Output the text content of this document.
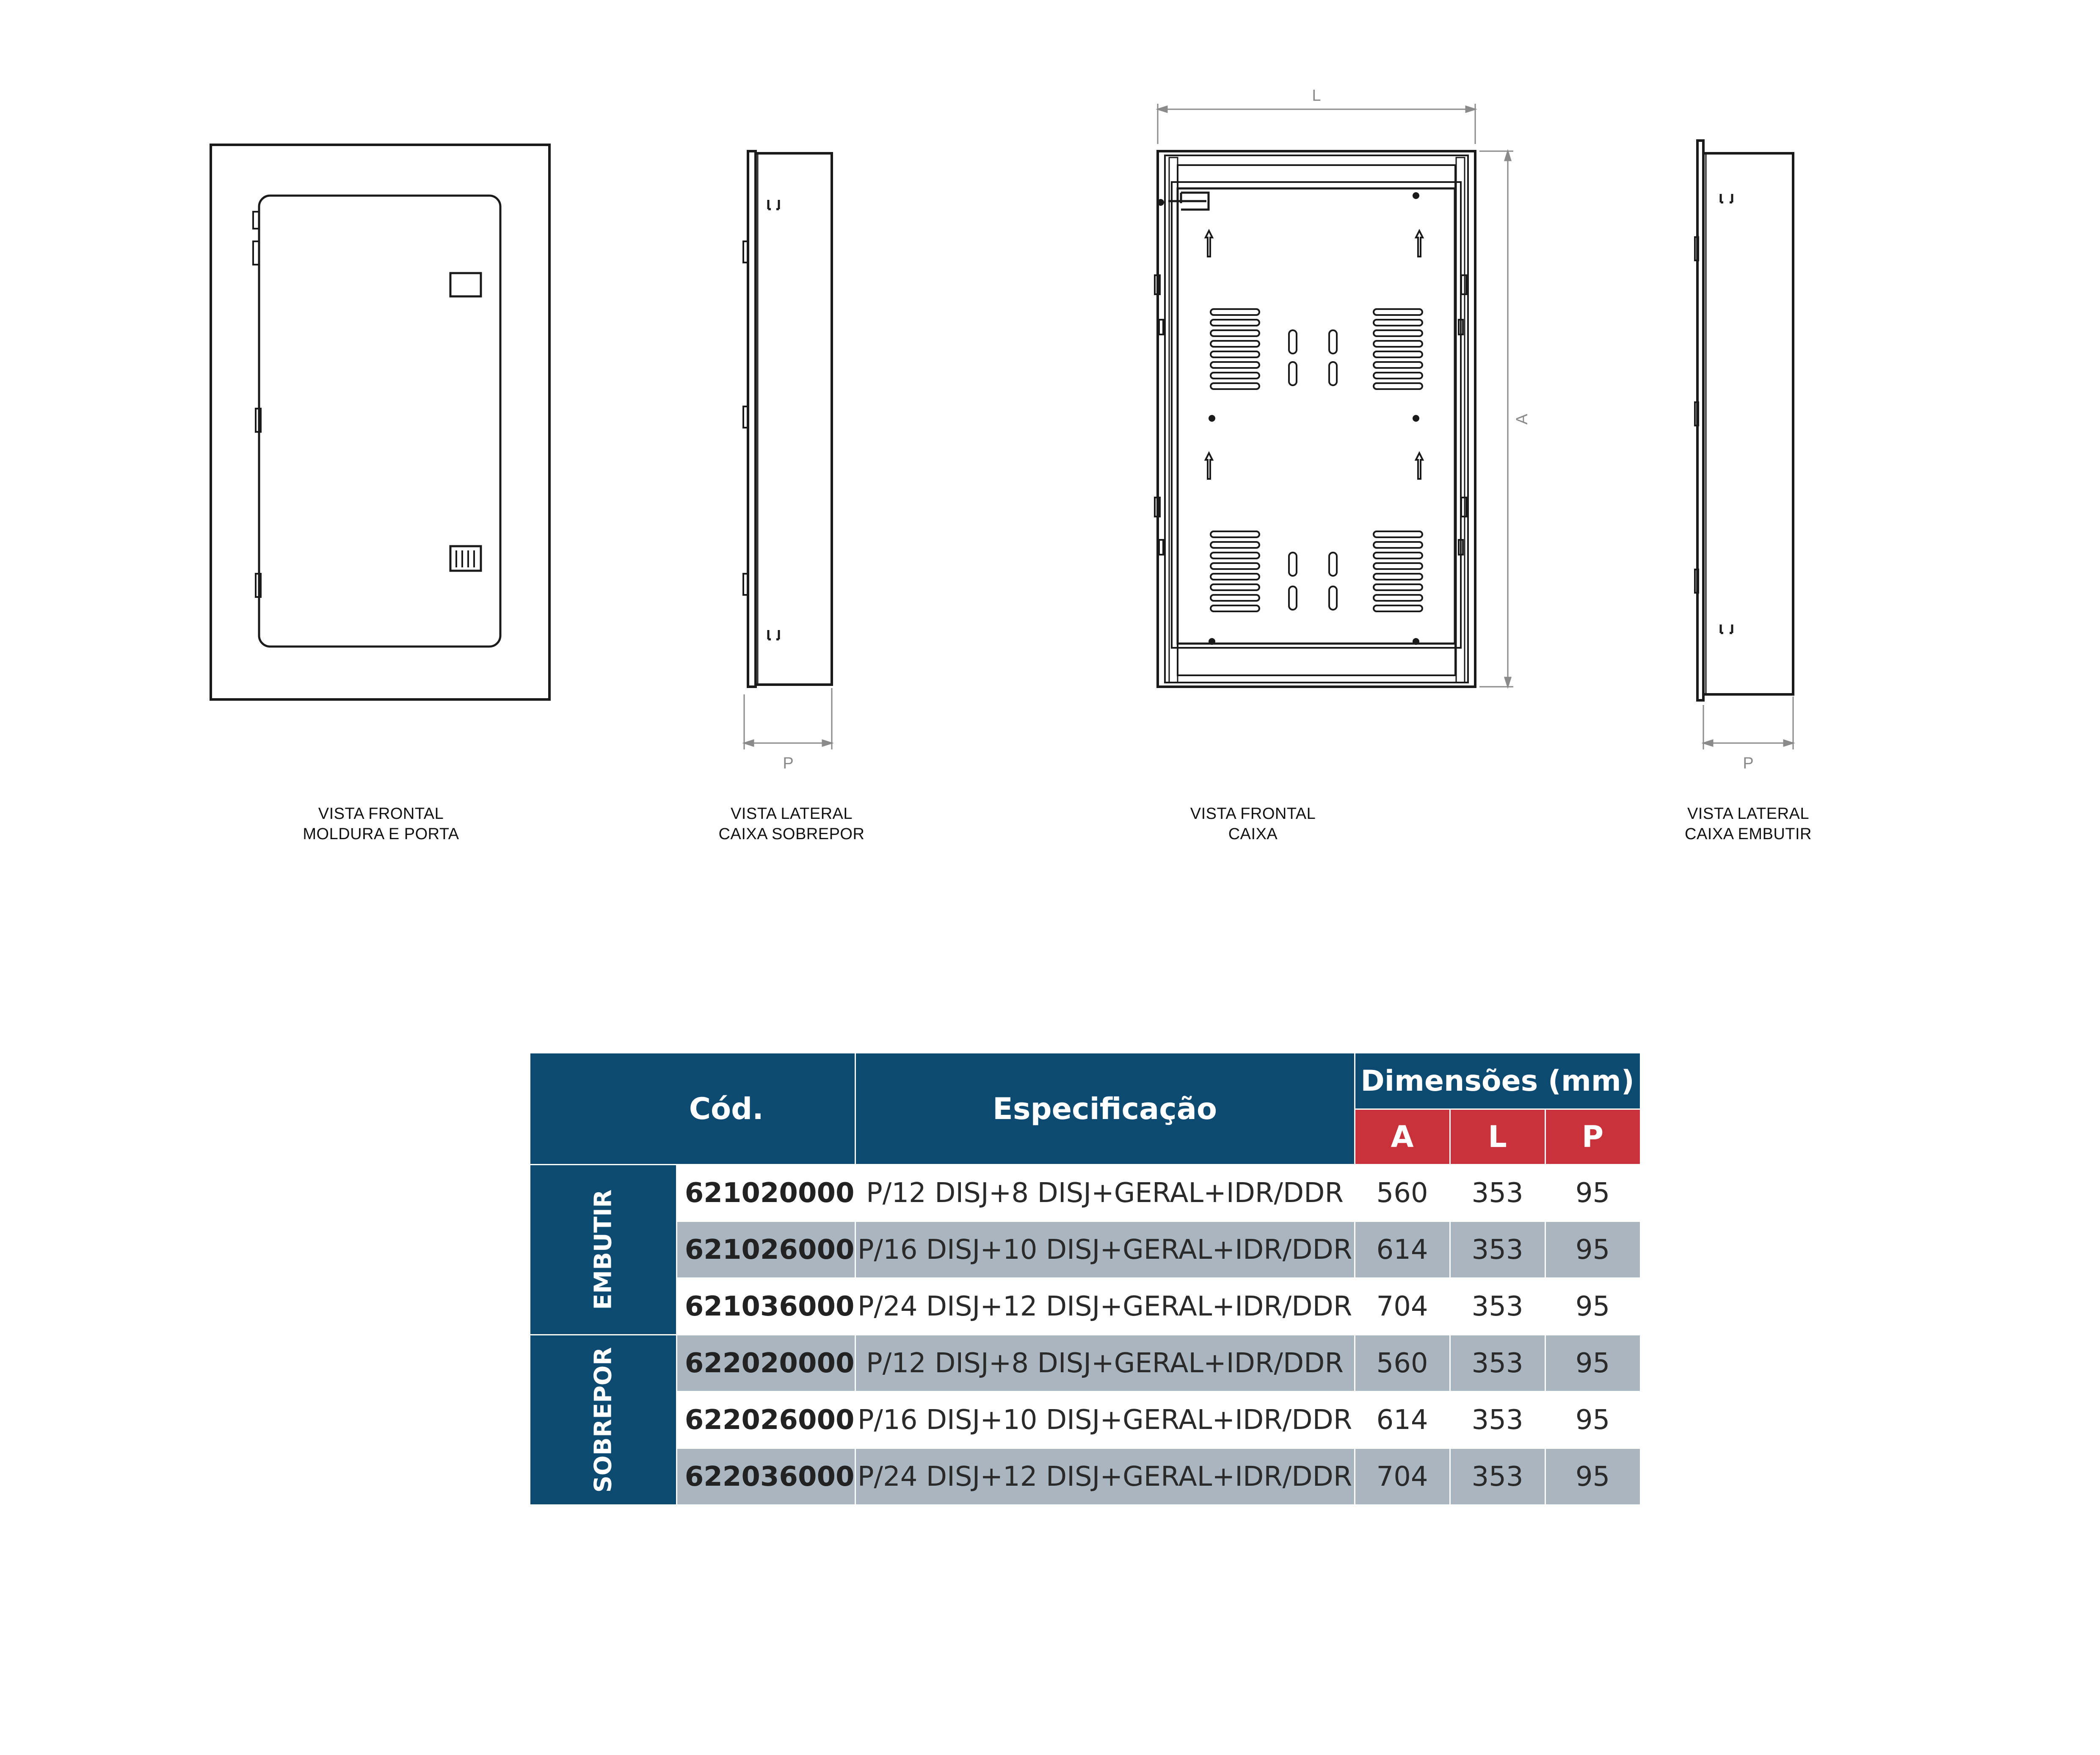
P
L
A
P
VISTA FRONTAL
MOLDURA E PORTA
VISTA LATERAL
CAIXA SOBREPOR
VISTA FRONTAL
CAIXA
VISTA LATERAL
CAIXA EMBUTIR
Cód.		Especificação	Dimensões (mm)		
			A	L	P
EMBUTIR	621020000	P/12 DISJ+8 DISJ+GERAL+IDR/DDR	560	353	95
	621026000	P/16 DISJ+10 DISJ+GERAL+IDR/DDR	614	353	95
	621036000	P/24 DISJ+12 DISJ+GERAL+IDR/DDR	704	353	95
SOBREPOR	622020000	P/12 DISJ+8 DISJ+GERAL+IDR/DDR	560	353	95
	622026000	P/16 DISJ+10 DISJ+GERAL+IDR/DDR	614	353	95
	622036000	P/24 DISJ+12 DISJ+GERAL+IDR/DDR	704	353	95
